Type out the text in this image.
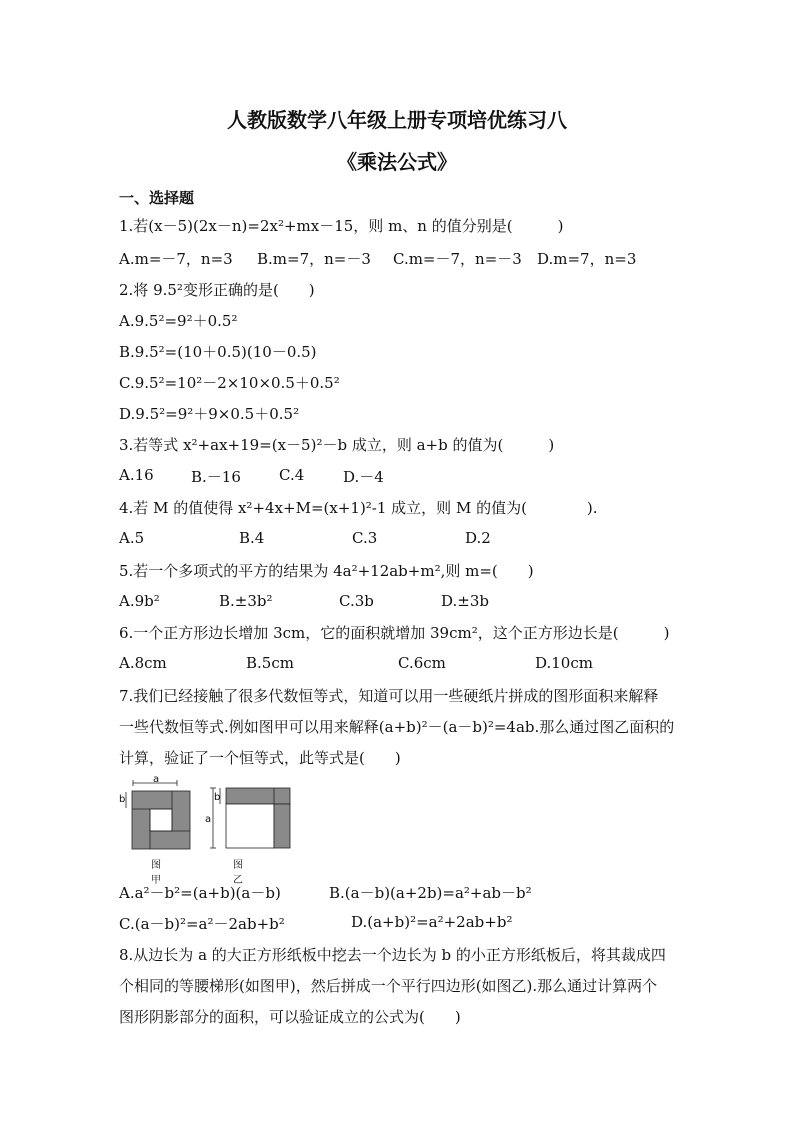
人教版数学八年级上册专项培优练习八
《乘法公式》
一、选择题
1.若(x－5)(2x－n)=2x²+mx－15，则 m、n 的值分别是(　　　)
A.m=－7，n=3 B.m=7，n=－3 C.m=－7，n=－3 D.m=7，n=3
2.将 9.5²变形正确的是(　　)
A.9.5²=9²＋0.5²
B.9.5²=(10＋0.5)(10－0.5)
C.9.5²=10²－2×10×0.5＋0.5²
D.9.5²=9²＋9×0.5＋0.5²
3.若等式 x²+ax+19=(x－5)²－b 成立，则 a+b 的值为(　　　)
A.16 B.－16	C.4	D.－4
4.若 M 的值使得 x²+4x+M=(x+1)²-1 成立，则 M 的值为(　　　　).
A.5	B.4	C.3	D.2
5.若一个多项式的平方的结果为 4a²+12ab+m²,则 m=(　　)
A.9b²	B.±3b²	C.3b	D.±3b
6.一个正方形边长增加 3cm，它的面积就增加 39cm²，这个正方形边长是(　　　)
A.8cm	B.5cm	C.6cm	D.10cm
7.我们已经接触了很多代数恒等式，知道可以用一些硬纸片拼成的图形面积来解释
一些代数恒等式.例如图甲可以用来解释(a+b)²－(a－b)²=4ab.那么通过图乙面积的
计算，验证了一个恒等式，此等式是(　　)
a
b
图甲
a
b
图乙
A.a²－b²=(a+b)(a－b)	B.(a－b)(a+2b)=a²+ab－b²
C.(a－b)²=a²－2ab+b²	D.(a+b)²=a²+2ab+b²
8.从边长为 a 的大正方形纸板中挖去一个边长为 b 的小正方形纸板后，将其裁成四
个相同的等腰梯形(如图甲)，然后拼成一个平行四边形(如图乙).那么通过计算两个
图形阴影部分的面积，可以验证成立的公式为(　　)
